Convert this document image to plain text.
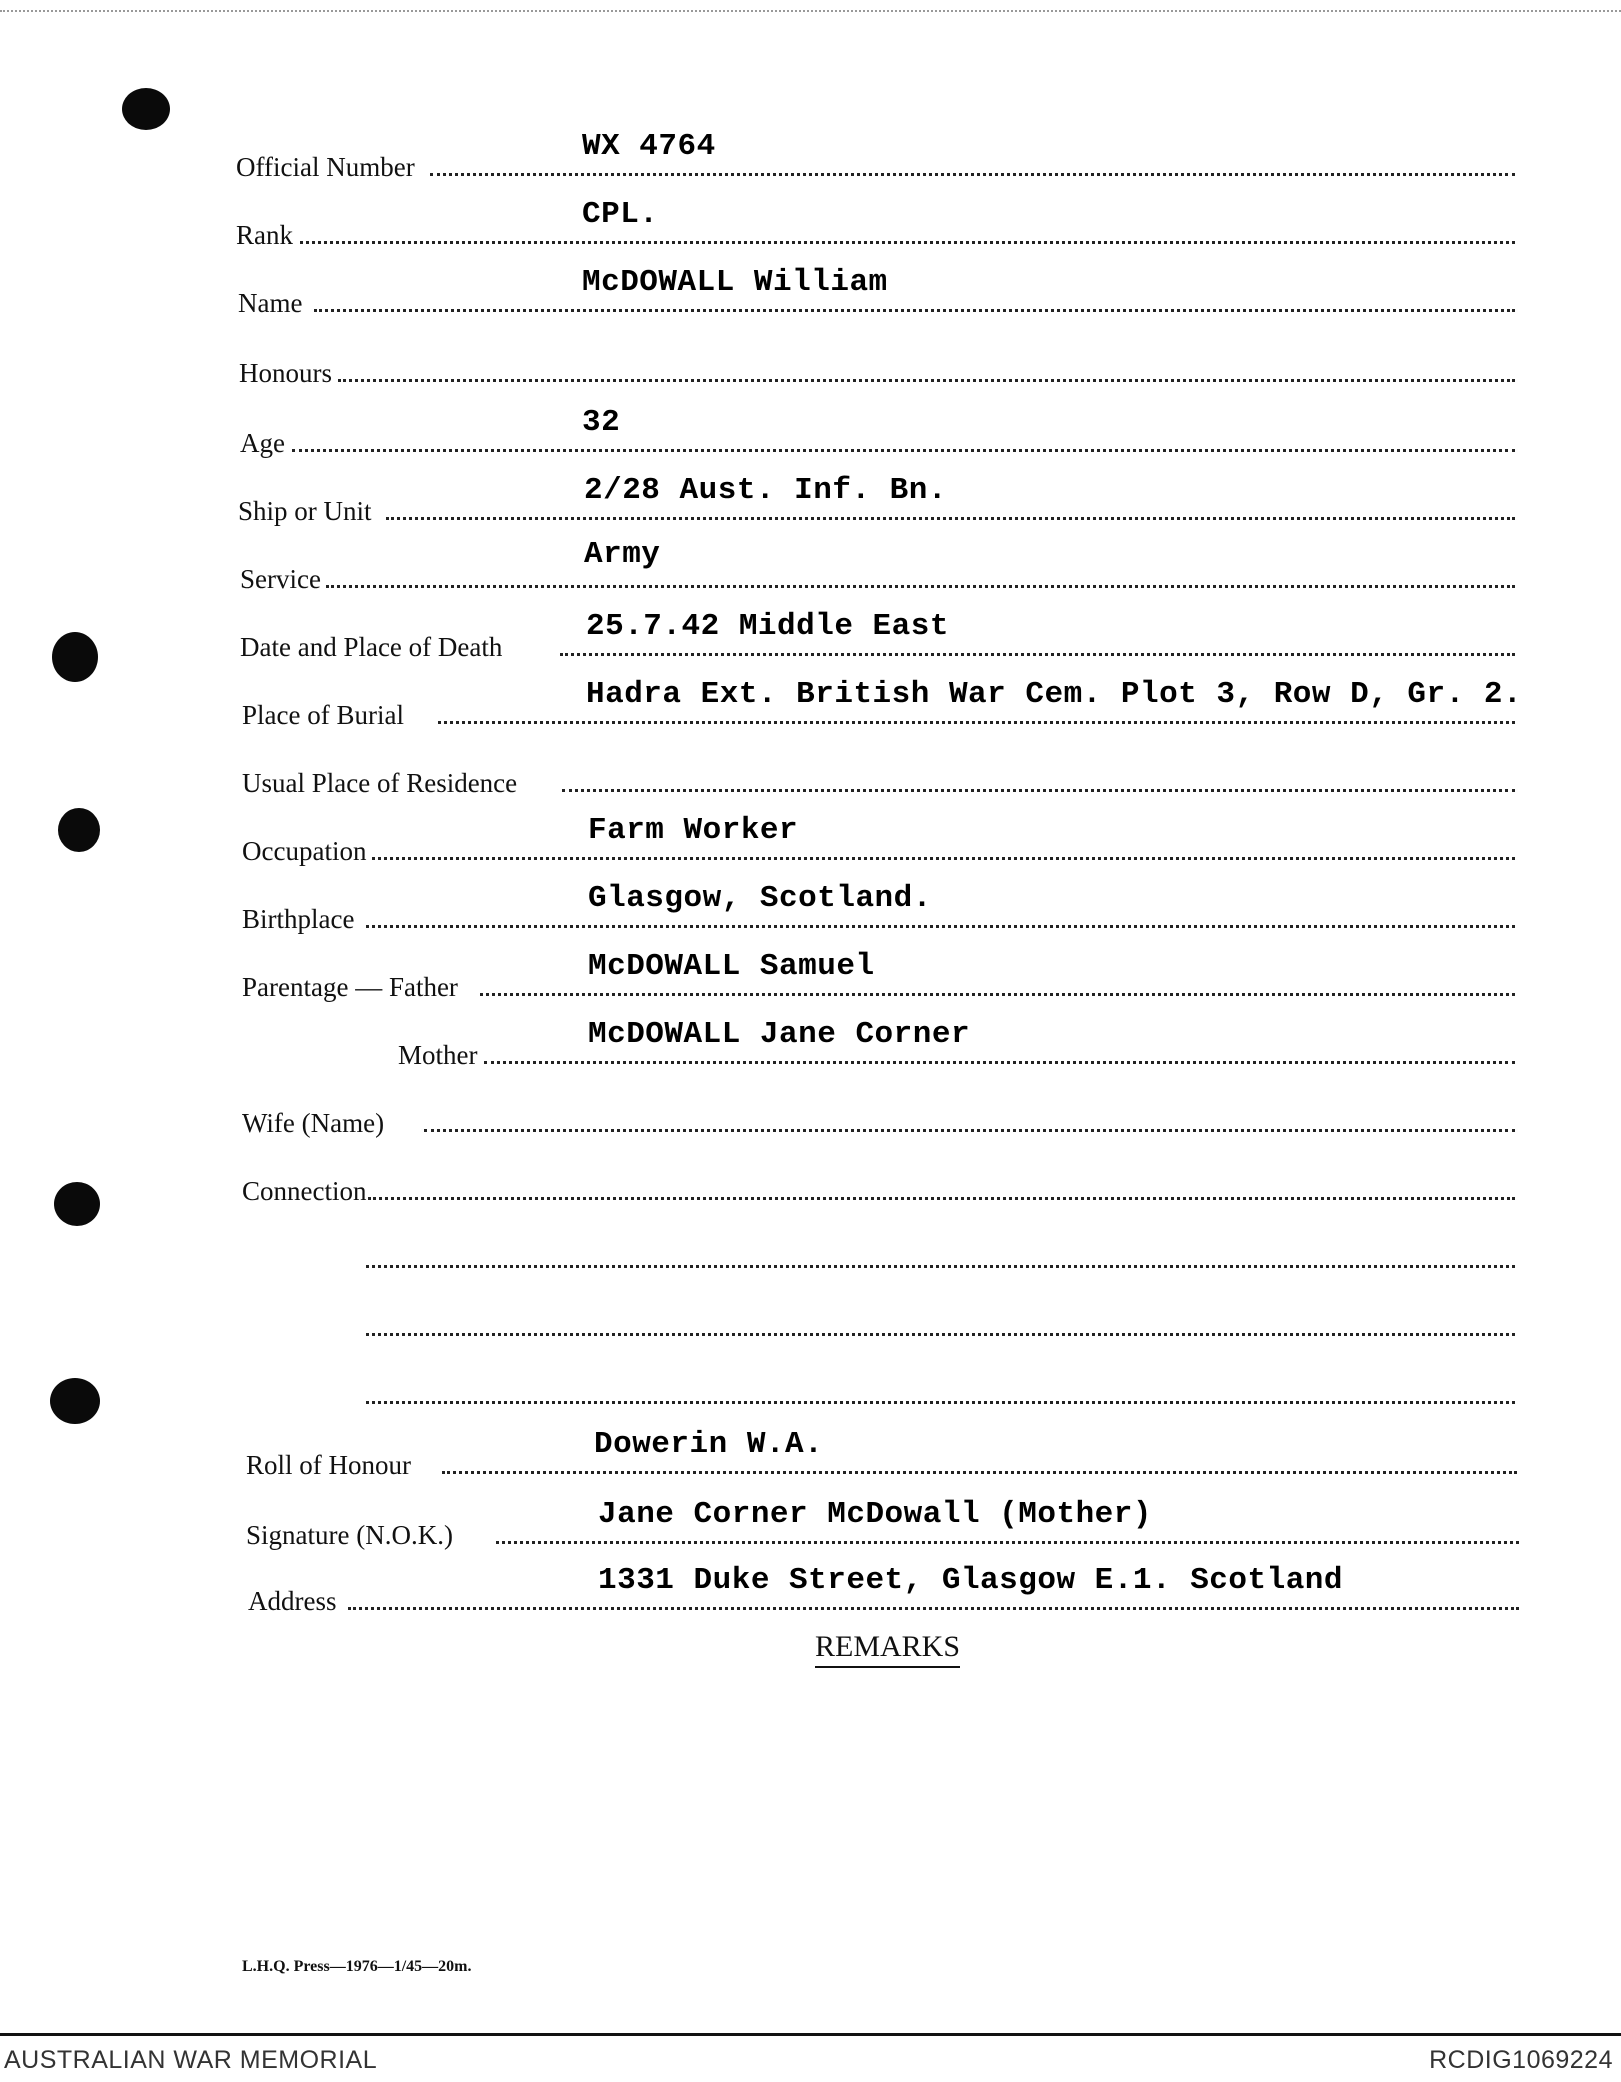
Official Number
WX 4764
Rank
CPL.
Name
McDOWALL William
Honours
Age
32
Ship or Unit
2/28 Aust. Inf. Bn.
Service
Army
Date and Place of Death
25.7.42 Middle East
Place of Burial
Hadra Ext. British War Cem. Plot 3, Row D, Gr. 2.
Usual Place of Residence
Occupation
Farm Worker
Birthplace
Glasgow, Scotland.
Parentage — Father
McDOWALL Samuel
Mother
McDOWALL Jane Corner
Wife (Name)
Connection
Roll of Honour
Dowerin W.A.
Signature (N.O.K.)
Jane Corner McDowall (Mother)
Address
1331 Duke Street, Glasgow E.1. Scotland
REMARKS
L.H.Q. Press—1976—1/45—20m.
AUSTRALIAN WAR MEMORIAL	RCDIG1069224
